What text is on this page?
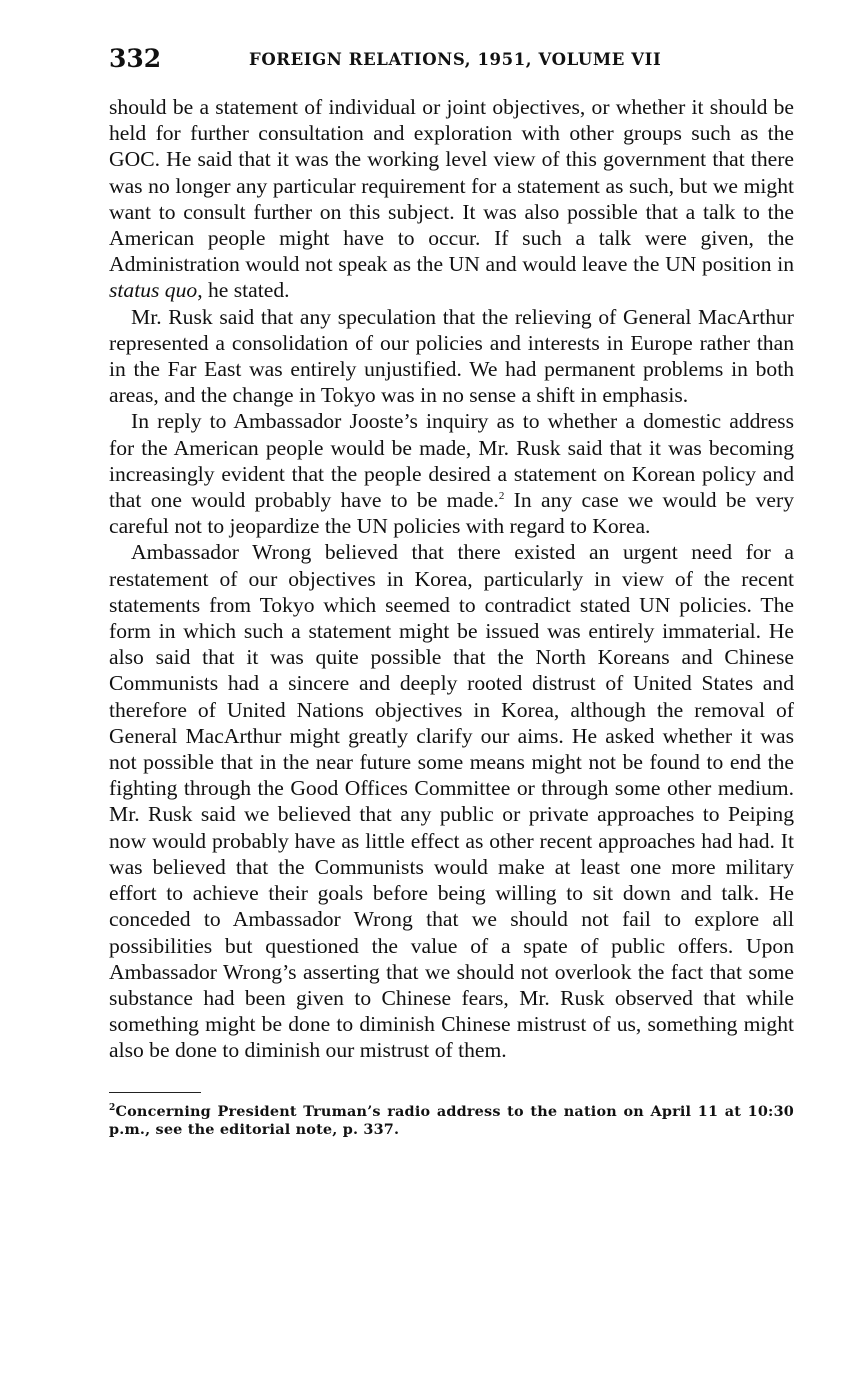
332	FOREIGN RELATIONS, 1951, VOLUME VII

should be a statement of individual or joint objectives, or whether it should be held for further consultation and exploration with other groups such as the GOC. He said that it was the working level view of this government that there was no longer any particular requirement for a statement as such, but we might want to consult further on this subject. It was also possible that a talk to the American people might have to occur. If such a talk were given, the Administration would not speak as the UN and would leave the UN position in status quo, he stated.

Mr. Rusk said that any speculation that the relieving of General MacArthur represented a consolidation of our policies and interests in Europe rather than in the Far East was entirely unjustified. We had permanent problems in both areas, and the change in Tokyo was in no sense a shift in emphasis.

In reply to Ambassador Jooste’s inquiry as to whether a domestic address for the American people would be made, Mr. Rusk said that it was becoming increasingly evident that the people desired a statement on Korean policy and that one would probably have to be made.$^2$ In any case we would be very careful not to jeopardize the UN policies with regard to Korea.

Ambassador Wrong believed that there existed an urgent need for a restatement of our objectives in Korea, particularly in view of the recent statements from Tokyo which seemed to contradict stated UN policies. The form in which such a statement might be issued was entirely immaterial. He also said that it was quite possible that the North Koreans and Chinese Communists had a sincere and deeply rooted distrust of United States and therefore of United Nations objectives in Korea, although the removal of General MacArthur might greatly clarify our aims. He asked whether it was not possible that in the near future some means might not be found to end the fighting through the Good Offices Committee or through some other medium. Mr. Rusk said we believed that any public or private approaches to Peiping now would probably have as little effect as other recent approaches had had. It was believed that the Communists would make at least one more military effort to achieve their goals before being willing to sit down and talk. He conceded to Ambassador Wrong that we should not fail to explore all possibilities but questioned the value of a spate of public offers. Upon Ambassador Wrong’s asserting that we should not overlook the fact that some substance had been given to Chinese fears, Mr. Rusk observed that while something might be done to diminish Chinese mistrust of us, something might also be done to diminish our mistrust of them.

$^2$Concerning President Truman’s radio address to the nation on April 11 at 10:30 p.m., see the editorial note, p. 337.
